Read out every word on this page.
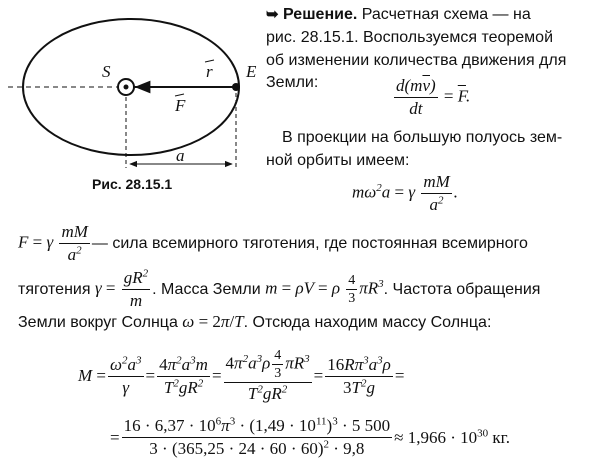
S	E
r
F
a
Рис. 28.15.1
➥ Решение. Расчетная схема — на
рис. 28.15.1. Воспользуемся теоремой
об изменении количества движения для
Земли:	$\frac{d(m\overline{v})}{dt} = \overline{F}$.
В проекции на большую полуось зем-
ной орбиты имеем:
$m\omega^2a = \gamma \frac{mM}{a^2}$ .
F = γ $\frac{mM}{a^2}$ — сила всемирного тяготения, где постоянная всемирного
тяготения
$\gamma = \frac{gR^2}{m}$ . Масса Земли
m = ρV = ρ $\frac{4}{3} \pi R^3$ . Частота обращения
Земли вокруг Солнца ω = 2π/T. Отсюда находим массу Солнца:
$M = \frac{\omega^2a^3}{\gamma} = \frac{4\pi^2a^3m}{T^2gR^2} = \frac{4\pi^2a^3\rho \frac{4}{3} \pi R^3}{T^2gR^2} = \frac{16R\pi^3a^3\rho}{3T^2g}$ =
= $\frac{16 \cdot 6,37 \cdot 10^6\pi^3 \cdot (1,49 \cdot 10^{11})^3 \cdot 5 500}{3 \cdot (365,25 \cdot 24 \cdot 60 \cdot 60)^2 \cdot 9,8} \approx 1,966 \cdot 10^{30}$ кг.
